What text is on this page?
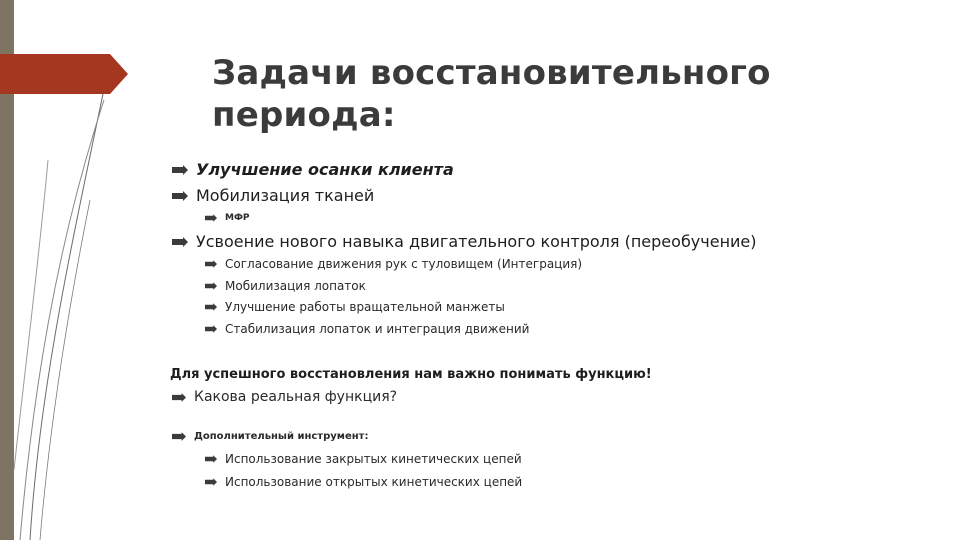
Задачи восстановительного
периода:
Улучшение осанки клиента
Мобилизация тканей
МФР
Усвоение нового навыка двигательного контроля (переобучение)
Согласование движения рук с туловищем (Интеграция)
Мобилизация лопаток
Улучшение работы вращательной манжеты
Стабилизация лопаток и интеграция движений
Для успешного восстановления нам важно понимать функцию!
Какова реальная функция?
Дополнительный инструмент:
Использование закрытых кинетических цепей
Использование открытых кинетических цепей
